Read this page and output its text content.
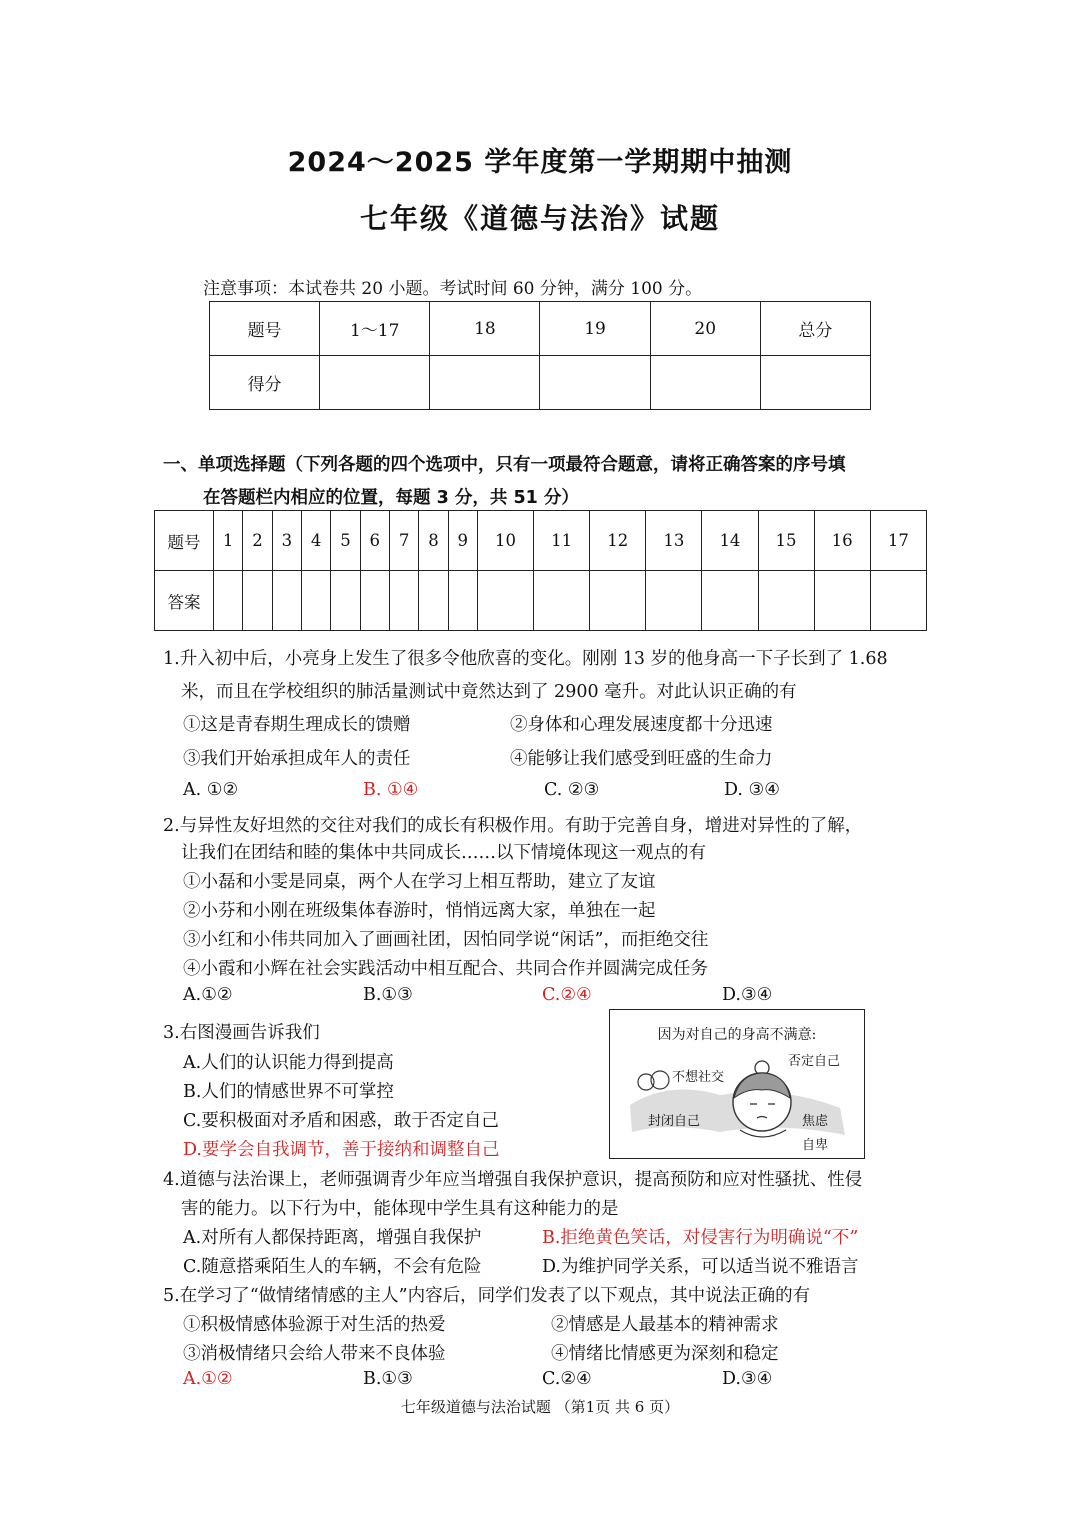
2024～2025 学年度第一学期期中抽测
七年级《道德与法治》试题
注意事项：本试卷共 20 小题。考试时间 60 分钟，满分 100 分。
题号	1～17	18	19	20	总分
得分					
一、单项选择题（下列各题的四个选项中，只有一项最符合题意，请将正确答案的序号填
在答题栏内相应的位置，每题 3 分，共 51 分）
题号	1	2	3	4	5	6	7	8	9	10	11	12	13	14	15	16	17
答案																	
1.升入初中后，小亮身上发生了很多令他欣喜的变化。刚刚 13 岁的他身高一下子长到了 1.68
米，而且在学校组织的肺活量测试中竟然达到了 2900 毫升。对此认识正确的有
①这是青春期生理成长的馈赠	②身体和心理发展速度都十分迅速
③我们开始承担成年人的责任	④能够让我们感受到旺盛的生命力
A. ①②	B. ①④	C. ②③	D. ③④
2.与异性友好坦然的交往对我们的成长有积极作用。有助于完善自身，增进对异性的了解，
让我们在团结和睦的集体中共同成长……以下情境体现这一观点的有
①小磊和小雯是同桌，两个人在学习上相互帮助，建立了友谊
②小芬和小刚在班级集体春游时，悄悄远离大家，单独在一起
③小红和小伟共同加入了画画社团，因怕同学说“闲话”，而拒绝交往
④小霞和小辉在社会实践活动中相互配合、共同合作并圆满完成任务
A.①②	B.①③	C.②④	D.③④
3.右图漫画告诉我们
A.人们的认识能力得到提高
B.人们的情感世界不可掌控
C.要积极面对矛盾和困惑，敢于否定自己
D.要学会自我调节，善于接纳和调整自己
因为对自己的身高不满意:
不想社交
否定自己
封闭自己	焦虑
自卑
4.道德与法治课上，老师强调青少年应当增强自我保护意识，提高预防和应对性骚扰、性侵
害的能力。以下行为中，能体现中学生具有这种能力的是
A.对所有人都保持距离，增强自我保护	B.拒绝黄色笑话，对侵害行为明确说“不”
C.随意搭乘陌生人的车辆，不会有危险	D.为维护同学关系，可以适当说不雅语言
5.在学习了“做情绪情感的主人”内容后，同学们发表了以下观点，其中说法正确的有
①积极情感体验源于对生活的热爱	②情感是人最基本的精神需求
③消极情绪只会给人带来不良体验	④情绪比情感更为深刻和稳定
A.①②	B.①③	C.②④	D.③④
七年级道德与法治试题 （第1页 共 6 页）
